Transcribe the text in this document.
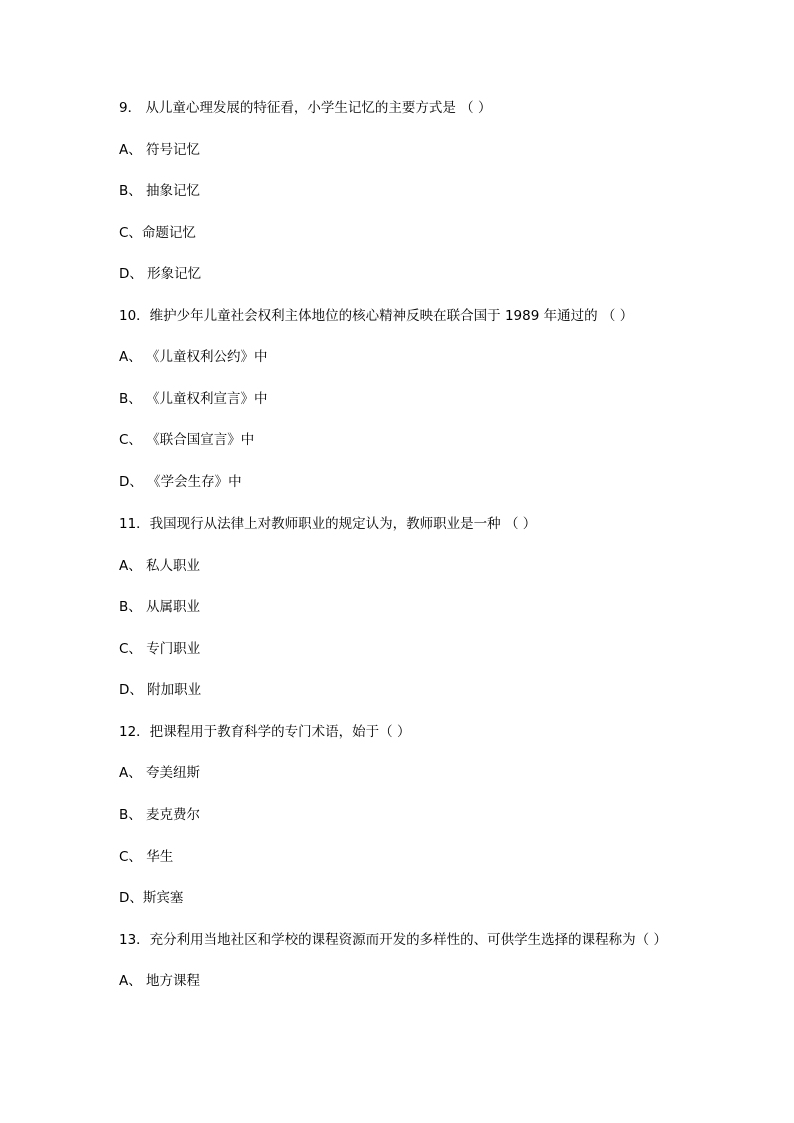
9． 从儿童心理发展的特征看，小学生记忆的主要方式是 （ ）
A、 符号记忆
B、 抽象记忆
C、命题记忆
D、 形象记忆
10．维护少年儿童社会权利主体地位的核心精神反映在联合国于 1989 年通过的 （ ）
A、 《儿童权利公约》中
B、 《儿童权利宣言》中
C、 《联合国宣言》中
D、 《学会生存》中
11．我国现行从法律上对教师职业的规定认为，教师职业是一种 （ ）
A、 私人职业
B、 从属职业
C、 专门职业
D、 附加职业
12．把课程用于教育科学的专门术语，始于（ ）
A、 夸美纽斯
B、 麦克费尔
C、 华生
D、斯宾塞
13．充分利用当地社区和学校的课程资源而开发的多样性的、可供学生选择的课程称为（ ）
A、 地方课程
